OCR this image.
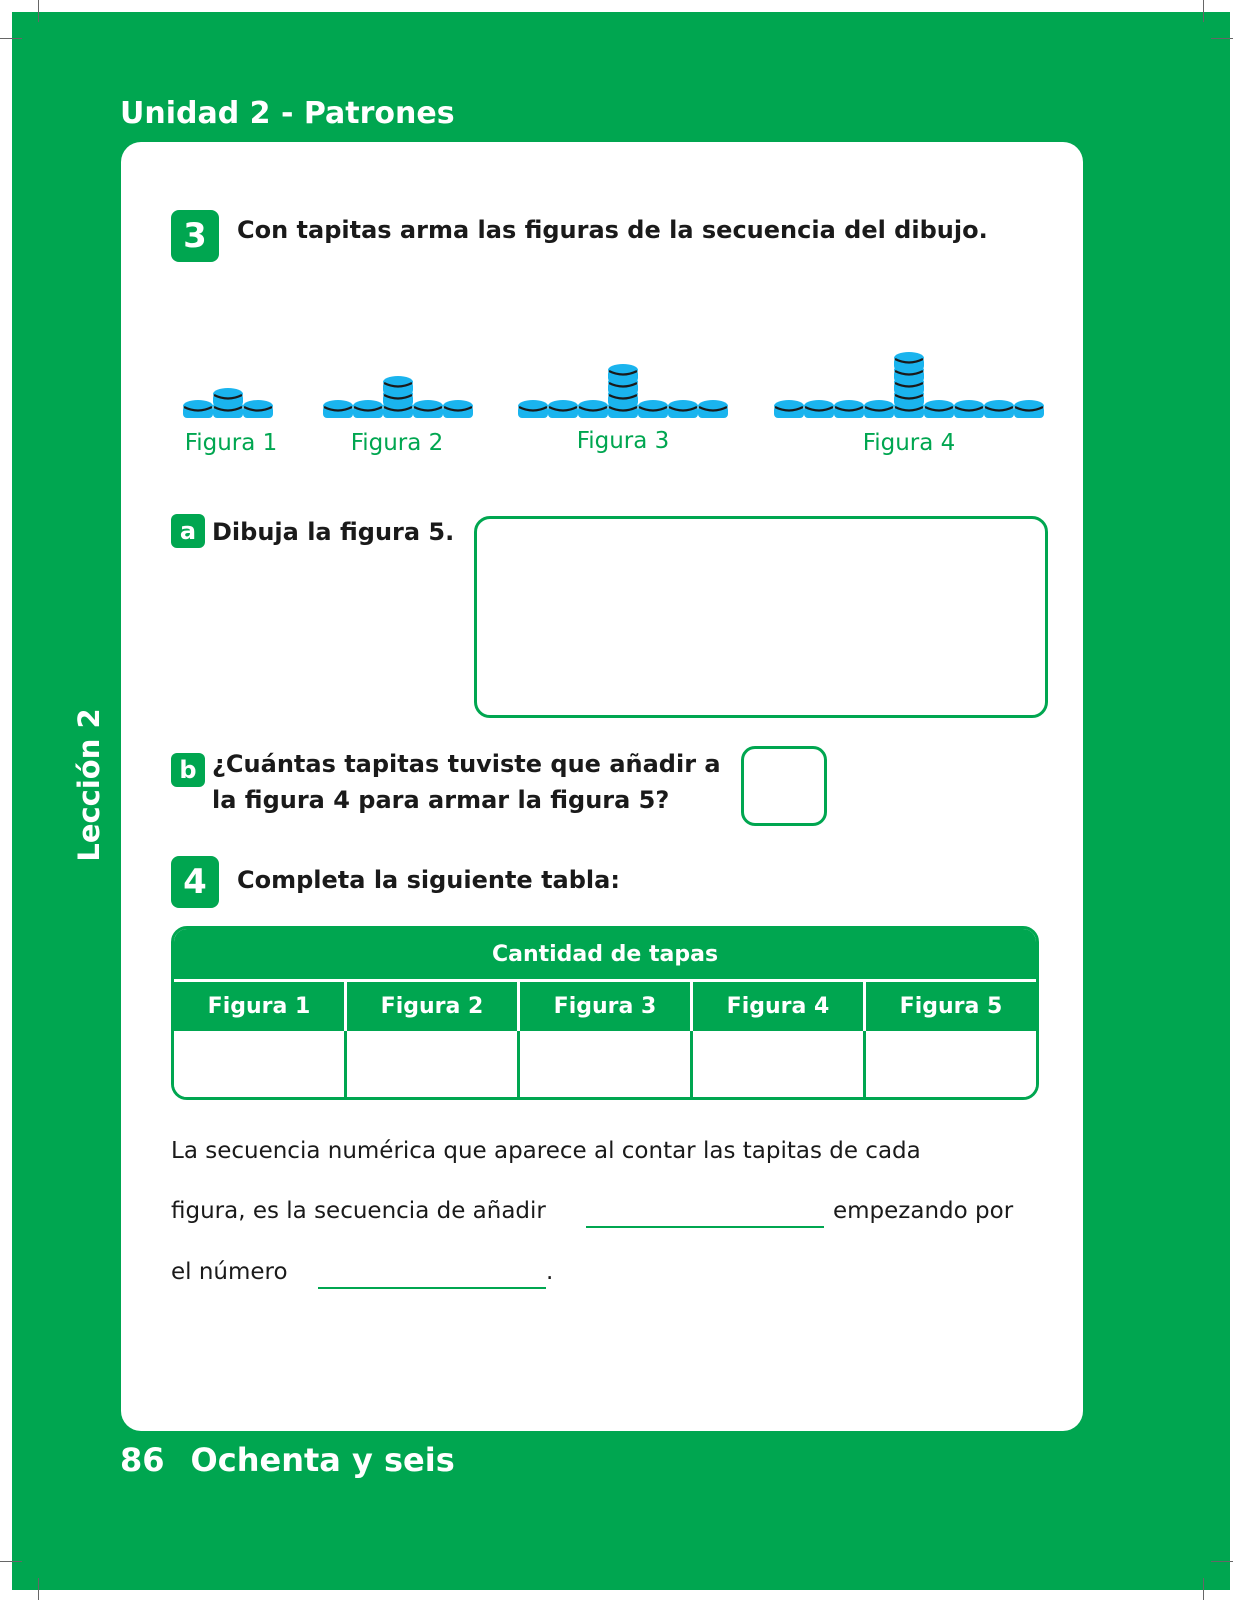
Unidad 2 - Patrones
Lección 2
3	Con tapitas arma las figuras de la secuencia del dibujo.
Figura 1	Figura 2	Figura 3	Figura 4
a Dibuja la figura 5.
b ¿Cuántas tapitas tuviste que añadir a
la figura 4 para armar la figura 5?
4	Completa la siguiente tabla:
Cantidad de tapas
Figura 1	Figura 2	Figura 3	Figura 4	Figura 5
La secuencia numérica que aparece al contar las tapitas de cada
figura, es la secuencia de añadir	empezando por
el número	.
86 Ochenta y seis
